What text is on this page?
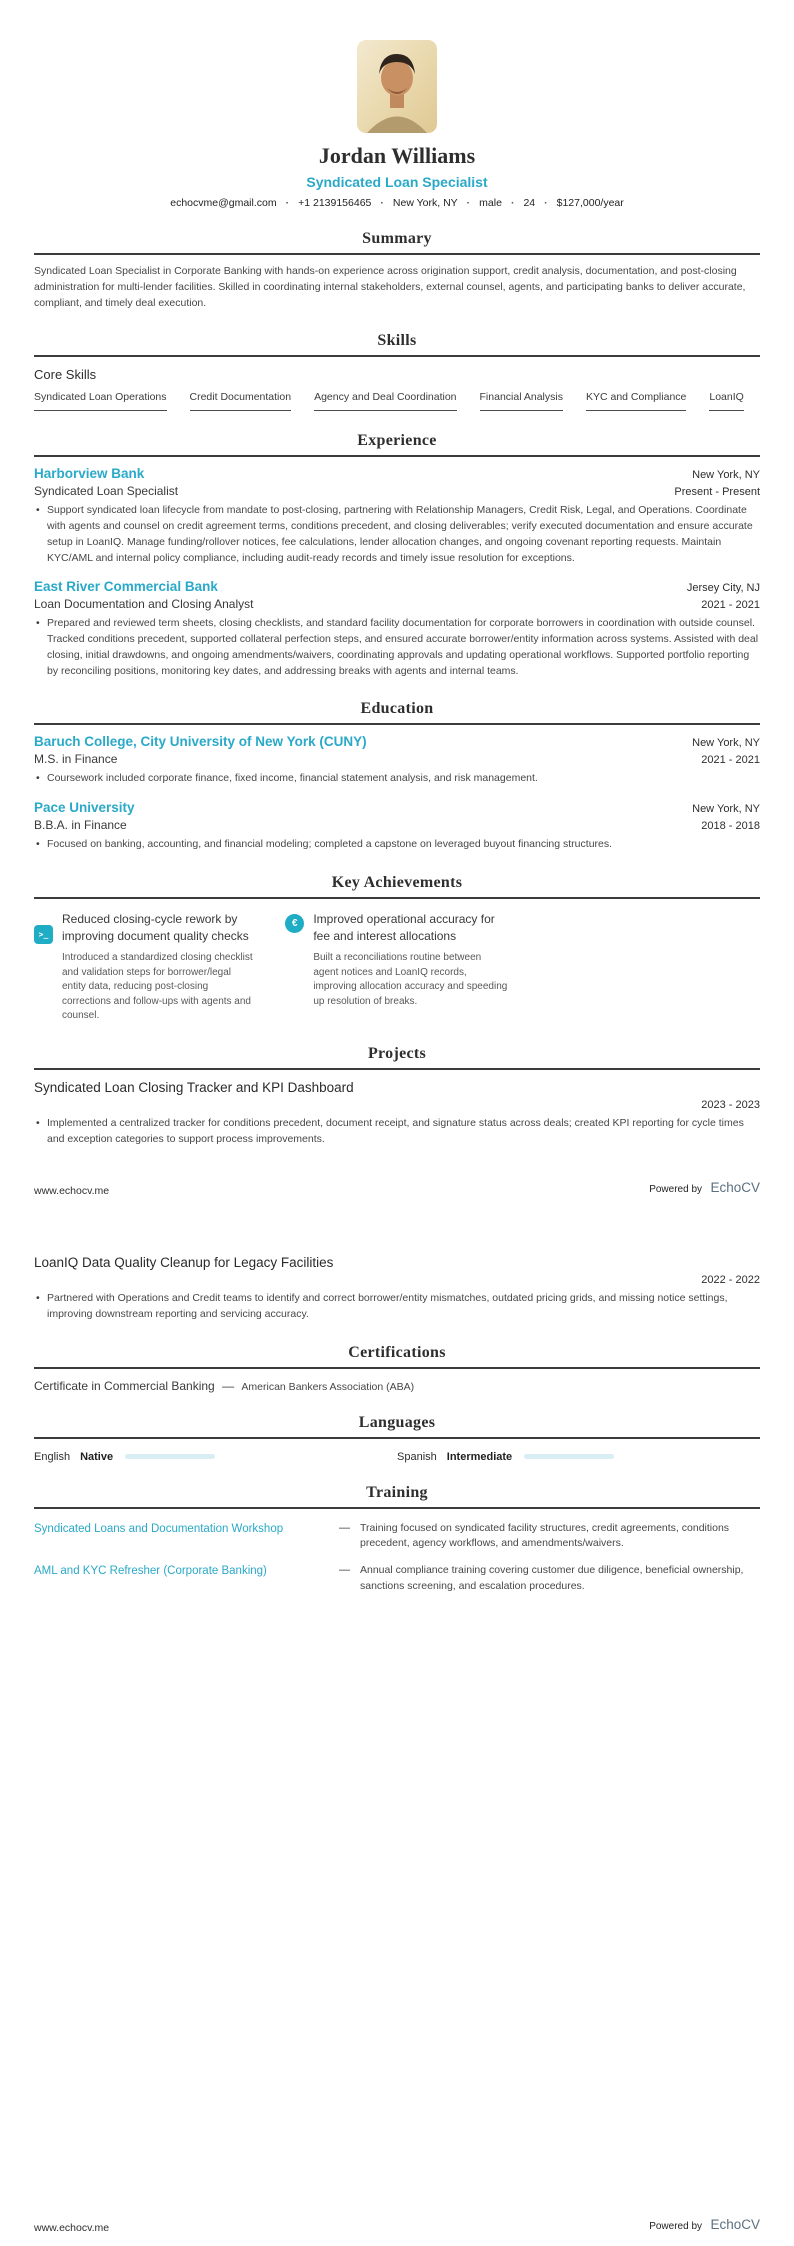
Jordan Williams
Syndicated Loan Specialist
echocvme@gmail.com · +1 2139156465 · New York, NY · male · 24 · $127,000/year
Summary

Syndicated Loan Specialist in Corporate Banking with hands-on experience across origination support, credit analysis, documentation, and post-closing administration for multi-lender facilities. Skilled in coordinating internal stakeholders, external counsel, agents, and participating banks to deliver accurate, compliant, and timely deal execution.

Skills
Core Skills
Syndicated Loan Operations Credit Documentation Agency and Deal Coordination Financial Analysis KYC and Compliance LoanIQ
Experience
Harborview Bank	New York, NY
Syndicated Loan Specialist	Present - Present

• Support syndicated loan lifecycle from mandate to post-closing, partnering with Relationship Managers, Credit Risk, Legal, and Operations. Coordinate with agents and counsel on credit agreement terms, conditions precedent, and closing deliverables; verify executed documentation and ensure accurate setup in LoanIQ. Manage funding/rollover notices, fee calculations, lender allocation changes, and ongoing covenant reporting requests. Maintain KYC/AML and internal policy compliance, including audit-ready records and timely issue resolution for exceptions.

East River Commercial Bank	Jersey City, NJ
Loan Documentation and Closing Analyst	2021 - 2021

• Prepared and reviewed term sheets, closing checklists, and standard facility documentation for corporate borrowers in coordination with outside counsel. Tracked conditions precedent, supported collateral perfection steps, and ensured accurate borrower/entity information across systems. Assisted with deal closing, initial drawdowns, and ongoing amendments/waivers, coordinating approvals and updating operational workflows. Supported portfolio reporting by reconciling positions, monitoring key dates, and addressing breaks with agents and internal teams.

Education
Baruch College, City University of New York (CUNY)	New York, NY
M.S. in Finance	2021 - 2021

• Coursework included corporate finance, fixed income, financial statement analysis, and risk management.

Pace University	New York, NY
B.B.A. in Finance	2018 - 2018

• Focused on banking, accounting, and financial modeling; completed a capstone on leveraged buyout financing structures.

Key Achievements
>_
Reduced closing-cycle rework by improving document quality checks
Introduced a standardized closing checklist and validation steps for borrower/legal entity data, reducing post-closing corrections and follow-ups with agents and counsel.
€	Improved operational accuracy for fee and interest allocations
Built a reconciliations routine between agent notices and LoanIQ records, improving allocation accuracy and speeding up resolution of breaks.
Projects
Syndicated Loan Closing Tracker and KPI Dashboard
2023 - 2023

• Implemented a centralized tracker for conditions precedent, document receipt, and signature status across deals; created KPI reporting for cycle times and exception categories to support process improvements.

www.echocv.me	Powered by EchoCV
LoanIQ Data Quality Cleanup for Legacy Facilities
2022 - 2022

• Partnered with Operations and Credit teams to identify and correct borrower/entity mismatches, outdated pricing grids, and missing notice settings, improving downstream reporting and servicing accuracy.

Certifications
Certificate in Commercial Banking — American Bankers Association (ABA)
Languages
English Native	Spanish Intermediate
Training
Syndicated Loans and Documentation Workshop	— Training focused on syndicated facility structures, credit agreements, conditions precedent, agency workflows, and amendments/waivers.
AML and KYC Refresher (Corporate Banking)	— Annual compliance training covering customer due diligence, beneficial ownership, sanctions screening, and escalation procedures.
www.echocv.me	Powered by EchoCV
